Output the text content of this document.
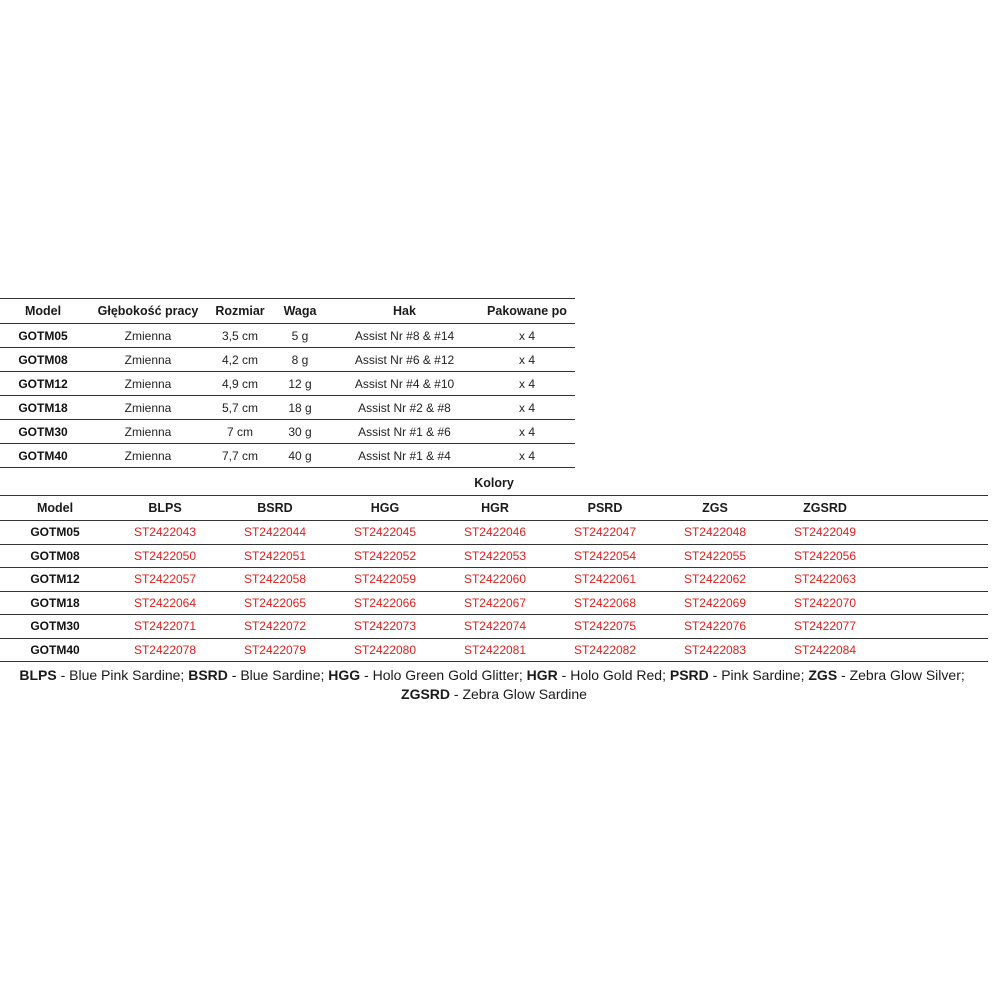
Model	Głębokość pracy	Rozmiar	Waga	Hak	Pakowane po
GOTM05	Zmienna	3,5 cm	5 g	Assist Nr #8 & #14	x 4
GOTM08	Zmienna	4,2 cm	8 g	Assist Nr #6 & #12	x 4
GOTM12	Zmienna	4,9 cm	12 g	Assist Nr #4 & #10	x 4
GOTM18	Zmienna	5,7 cm	18 g	Assist Nr #2 & #8	x 4
GOTM30	Zmienna	7 cm	30 g	Assist Nr #1 & #6	x 4
GOTM40	Zmienna	7,7 cm	40 g	Assist Nr #1 & #4	x 4
Kolory
Model	BLPS	BSRD	HGG	HGR	PSRD	ZGS	ZGSRD	
GOTM05	ST2422043	ST2422044	ST2422045	ST2422046	ST2422047	ST2422048	ST2422049	
GOTM08	ST2422050	ST2422051	ST2422052	ST2422053	ST2422054	ST2422055	ST2422056	
GOTM12	ST2422057	ST2422058	ST2422059	ST2422060	ST2422061	ST2422062	ST2422063	
GOTM18	ST2422064	ST2422065	ST2422066	ST2422067	ST2422068	ST2422069	ST2422070	
GOTM30	ST2422071	ST2422072	ST2422073	ST2422074	ST2422075	ST2422076	ST2422077	
GOTM40	ST2422078	ST2422079	ST2422080	ST2422081	ST2422082	ST2422083	ST2422084	
BLPS - Blue Pink Sardine; BSRD - Blue Sardine; HGG - Holo Green Gold Glitter; HGR - Holo Gold Red; PSRD - Pink Sardine; ZGS - Zebra Glow Silver;
ZGSRD - Zebra Glow Sardine
